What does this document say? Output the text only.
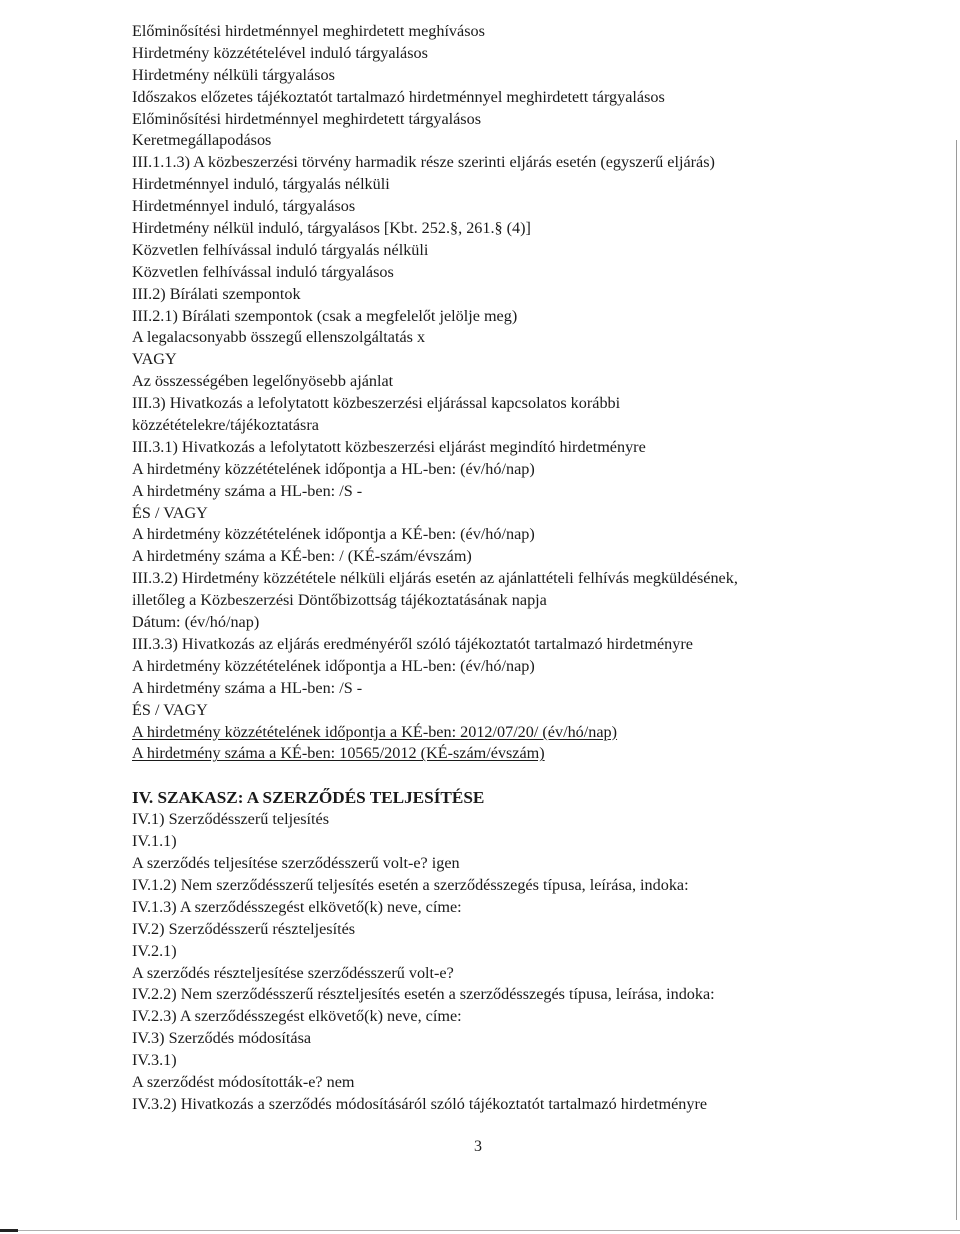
Előminősítési hirdetménnyel meghirdetett meghívásos
Hirdetmény közzétételével induló tárgyalásos
Hirdetmény nélküli tárgyalásos
Időszakos előzetes tájékoztatót tartalmazó hirdetménnyel meghirdetett tárgyalásos
Előminősítési hirdetménnyel meghirdetett tárgyalásos
Keretmegállapodásos
III.1.1.3) A közbeszerzési törvény harmadik része szerinti eljárás esetén (egyszerű eljárás)
Hirdetménnyel induló, tárgyalás nélküli
Hirdetménnyel induló, tárgyalásos
Hirdetmény nélkül induló, tárgyalásos [Kbt. 252.§, 261.§ (4)]
Közvetlen felhívással induló tárgyalás nélküli
Közvetlen felhívással induló tárgyalásos
III.2) Bírálati szempontok
III.2.1) Bírálati szempontok (csak a megfelelőt jelölje meg)
A legalacsonyabb összegű ellenszolgáltatás x
VAGY
Az összességében legelőnyösebb ajánlat
III.3) Hivatkozás a lefolytatott közbeszerzési eljárással kapcsolatos korábbi
közzétételekre/tájékoztatásra
III.3.1) Hivatkozás a lefolytatott közbeszerzési eljárást megindító hirdetményre
A hirdetmény közzétételének időpontja a HL-ben: (év/hó/nap)
A hirdetmény száma a HL-ben: /S -
ÉS / VAGY
A hirdetmény közzétételének időpontja a KÉ-ben: (év/hó/nap)
A hirdetmény száma a KÉ-ben: / (KÉ-szám/évszám)
III.3.2) Hirdetmény közzététele nélküli eljárás esetén az ajánlattételi felhívás megküldésének,
illetőleg a Közbeszerzési Döntőbizottság tájékoztatásának napja
Dátum: (év/hó/nap)
III.3.3) Hivatkozás az eljárás eredményéről szóló tájékoztatót tartalmazó hirdetményre
A hirdetmény közzétételének időpontja a HL-ben: (év/hó/nap)
A hirdetmény száma a HL-ben: /S -
ÉS / VAGY
A hirdetmény közzétételének időpontja a KÉ-ben: 2012/07/20/ (év/hó/nap)
A hirdetmény száma a KÉ-ben: 10565/2012 (KÉ-szám/évszám)
IV. SZAKASZ: A SZERZŐDÉS TELJESÍTÉSE
IV.1) Szerződésszerű teljesítés
IV.1.1)
A szerződés teljesítése szerződésszerű volt-e? igen
IV.1.2) Nem szerződésszerű teljesítés esetén a szerződésszegés típusa, leírása, indoka:
IV.1.3) A szerződésszegést elkövető(k) neve, címe:
IV.2) Szerződésszerű részteljesítés
IV.2.1)
A szerződés részteljesítése szerződésszerű volt-e?
IV.2.2) Nem szerződésszerű részteljesítés esetén a szerződésszegés típusa, leírása, indoka:
IV.2.3) A szerződésszegést elkövető(k) neve, címe:
IV.3) Szerződés módosítása
IV.3.1)
A szerződést módosították-e? nem
IV.3.2) Hivatkozás a szerződés módosításáról szóló tájékoztatót tartalmazó hirdetményre
3
